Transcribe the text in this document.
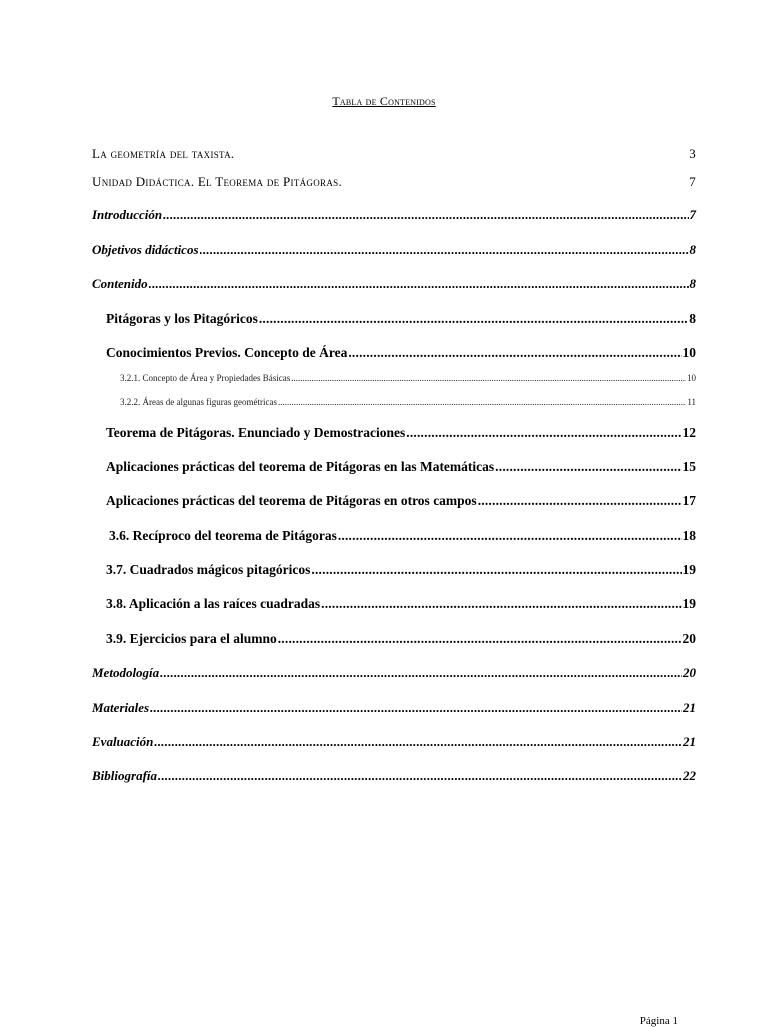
Tabla de Contenidos
La geometría del taxista.	3
Unidad Didáctica. El Teorema de Pitágoras.	7
Introducción .....	7
Objetivos didácticos .....	8
Contenido .....	8
Pitágoras y los Pitagóricos .....	8
Conocimientos Previos. Concepto de Área .....	10
3.2.1. Concepto de Área y Propiedades Básicas .....	10
3.2.2. Áreas de algunas figuras geométricas .....	11
Teorema de Pitágoras. Enunciado y Demostraciones .....	12
Aplicaciones prácticas del teorema de Pitágoras en las Matemáticas .....	15
Aplicaciones prácticas del teorema de Pitágoras en otros campos .....	17
3.6. Recíproco del teorema de Pitágoras .....	18
3.7. Cuadrados mágicos pitagóricos .....	19
3.8. Aplicación a las raíces cuadradas .....	19
3.9. Ejercicios para el alumno .....	20
Metodología .....	20
Materiales .....	21
Evaluación .....	21
Bibliografía .....	22
Página 1
